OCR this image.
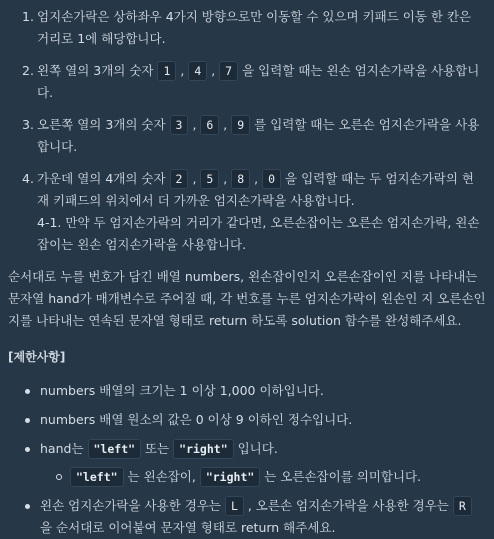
1. 엄지손가락은 상하좌우 4가지 방향으로만 이동할 수 있으며 키패드 이동 한 칸은 거리로 1에 해당합니다.
2. 왼쪽 열의 3개의 숫자 1 , 4 , 7 을 입력할 때는 왼손 엄지손가락을 사용합니다.
3. 오른쪽 열의 3개의 숫자 3 , 6 , 9 를 입력할 때는 오른손 엄지손가락을 사용합니다.
4. 가운데 열의 4개의 숫자 2 , 5 , 8 , 0 을 입력할 때는 두 엄지손가락의 현재 키패드의 위치에서 더 가까운 엄지손가락을 사용합니다.
4-1. 만약 두 엄지손가락의 거리가 같다면, 오른손잡이는 오른손 엄지손가락, 왼손잡이는 왼손 엄지손가락을 사용합니다.
순서대로 누를 번호가 담긴 배열 numbers, 왼손잡이인지 오른손잡이인 지를 나타내는 문자열 hand가 매개변수로 주어질 때, 각 번호를 누른 엄지손가락이 왼손인 지 오른손인 지를 나타내는 연속된 문자열 형태로 return 하도록 solution 함수를 완성해주세요.
[제한사항]
numbers 배열의 크기는 1 이상 1,000 이하입니다.
numbers 배열 원소의 값은 0 이상 9 이하인 정수입니다.
hand는 "left" 또는 "right" 입니다.
"left" 는 왼손잡이, "right" 는 오른손잡이를 의미합니다.
왼손 엄지손가락을 사용한 경우는 L , 오른손 엄지손가락을 사용한 경우는 R 을 순서대로 이어붙여 문자열 형태로 return 해주세요.
